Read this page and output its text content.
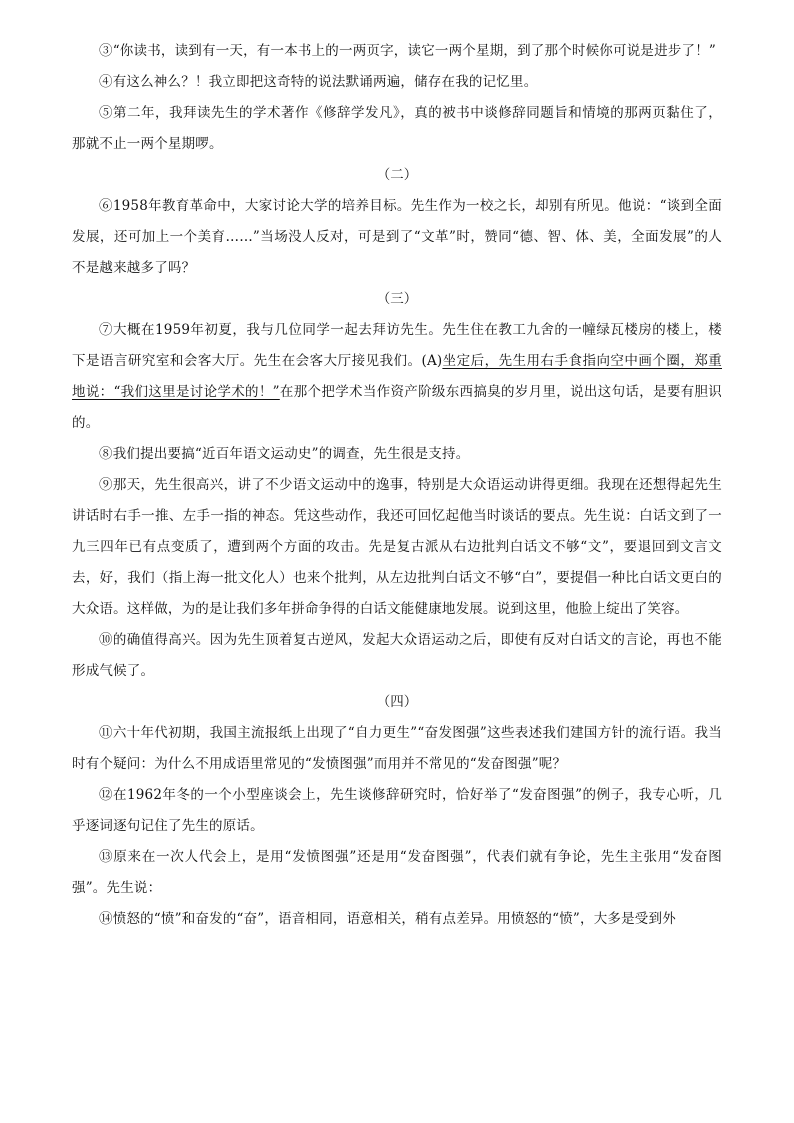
③“你读书，读到有一天，有一本书上的一两页字，读它一两个星期，到了那个时候你可说是进步了！”

④有这么神么？！我立即把这奇特的说法默诵两遍，储存在我的记忆里。

⑤第二年，我拜读先生的学术著作《修辞学发凡》，真的被书中谈修辞同题旨和情境的那两页黏住了，那就不止一两个星期啰。

（二）

⑥1958年教育革命中，大家讨论大学的培养目标。先生作为一校之长，却别有所见。他说：“谈到全面发展，还可加上一个美育……”当场没人反对，可是到了“文革”时，赞同“德、智、体、美，全面发展”的人不是越来越多了吗？

（三）

⑦大概在1959年初夏，我与几位同学一起去拜访先生。先生住在教工九舍的一幢绿瓦楼房的楼上，楼下是语言研究室和会客大厅。先生在会客大厅接见我们。(A)坐定后，先生用右手食指向空中画个圈，郑重地说：“我们这里是讨论学术的！”在那个把学术当作资产阶级东西搞臭的岁月里，说出这句话，是要有胆识的。

⑧我们提出要搞“近百年语文运动史”的调查，先生很是支持。

⑨那天，先生很高兴，讲了不少语文运动中的逸事，特别是大众语运动讲得更细。我现在还想得起先生讲话时右手一推、左手一指的神态。凭这些动作，我还可回忆起他当时谈话的要点。先生说：白话文到了一九三四年已有点变质了，遭到两个方面的攻击。先是复古派从右边批判白话文不够“文”，要退回到文言文去，好，我们（指上海一批文化人）也来个批判，从左边批判白话文不够“白”，要提倡一种比白话文更白的大众语。这样做，为的是让我们多年拼命争得的白话文能健康地发展。说到这里，他脸上绽出了笑容。

⑩的确值得高兴。因为先生顶着复古逆风，发起大众语运动之后，即使有反对白话文的言论，再也不能形成气候了。

（四）

⑪六十年代初期，我国主流报纸上出现了“自力更生”“奋发图强”这些表述我们建国方针的流行语。我当时有个疑问：为什么不用成语里常见的“发愤图强”而用并不常见的“发奋图强”呢？

⑫在1962年冬的一个小型座谈会上，先生谈修辞研究时，恰好举了“发奋图强”的例子，我专心听，几乎逐词逐句记住了先生的原话。

⑬原来在一次人代会上，是用“发愤图强”还是用“发奋图强”，代表们就有争论，先生主张用“发奋图强”。先生说：

⑭愤怒的“愤”和奋发的“奋”，语音相同，语意相关，稍有点差异。用愤怒的“愤”，大多是受到外
